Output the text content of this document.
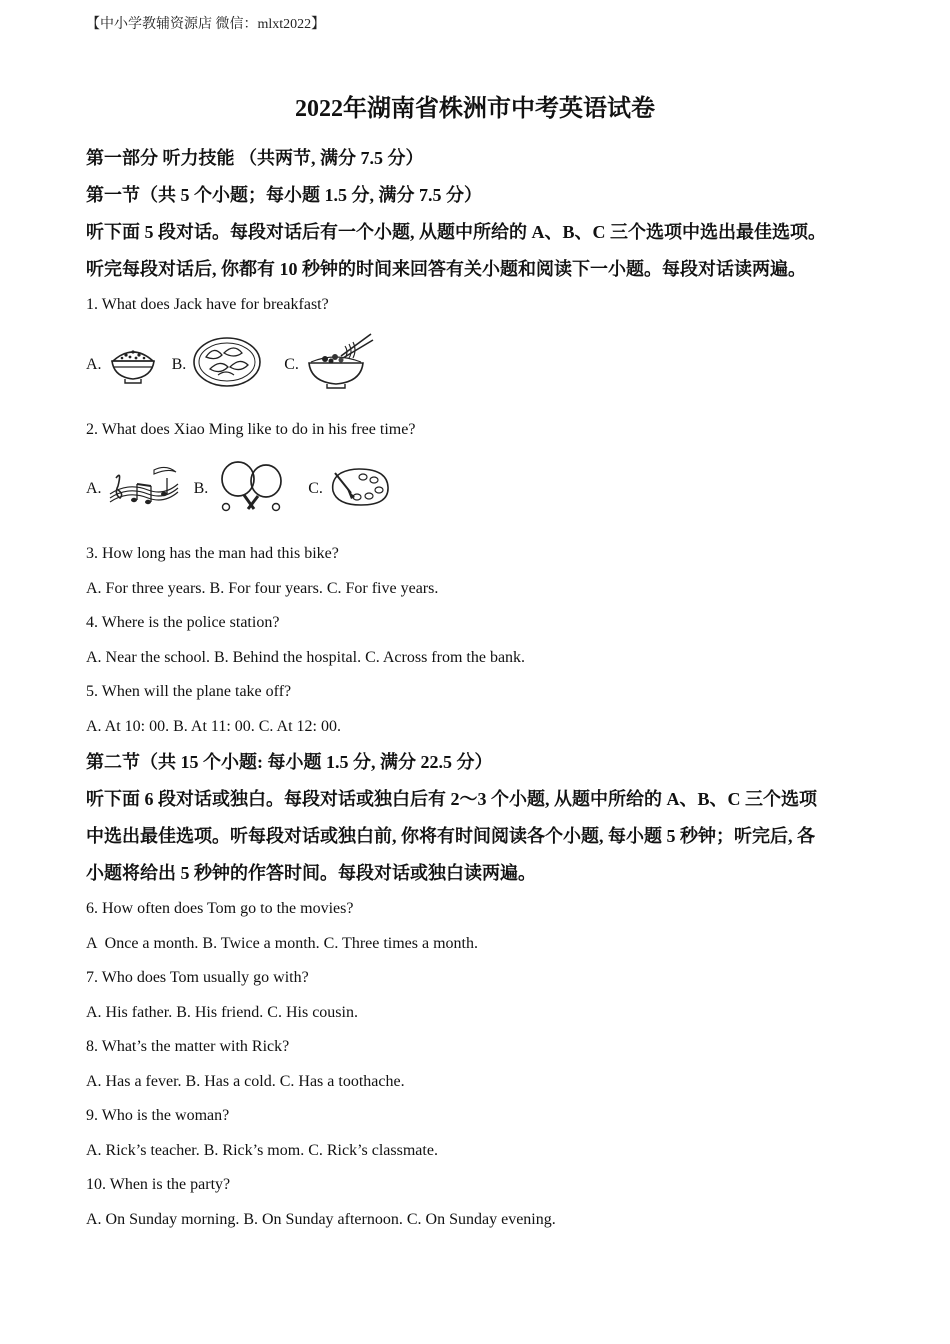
【中小学教辅资源店 微信：mlxt2022】
2022年湖南省株洲市中考英语试卷

第一部分 听力技能 （共两节, 满分 7.5 分）

第一节（共 5 个小题；每小题 1.5 分, 满分 7.5 分）

听下面 5 段对话。每段对话后有一个小题, 从题中所给的 A、B、C 三个选项中选出最佳选项。

听完每段对话后, 你都有 10 秒钟的时间来回答有关小题和阅读下一小题。每段对话读两遍。

1. What does Jack have for breakfast?

A.	B.	C.

2. What does Xiao Ming like to do in his free time?

A.	B.	C.

3. How long has the man had this bike?

A. For three years. B. For four years. C. For five years.

4. Where is the police station?

A. Near the school. B. Behind the hospital. C. Across from the bank.

5. When will the plane take off?

A. At 10: 00. B. At 11: 00. C. At 12: 00.

第二节（共 15 个小题: 每小题 1.5 分, 满分 22.5 分）

听下面 6 段对话或独白。每段对话或独白后有 2～3 个小题, 从题中所给的 A、B、C 三个选项

中选出最佳选项。听每段对话或独白前, 你将有时间阅读各个小题, 每小题 5 秒钟；听完后, 各

小题将给出 5 秒钟的作答时间。每段对话或独白读两遍。

6. How often does Tom go to the movies?

A  Once a month. B. Twice a month. C. Three times a month.

7. Who does Tom usually go with?

A. His father. B. His friend. C. His cousin.

8. What’s the matter with Rick?

A. Has a fever. B. Has a cold. C. Has a toothache.

9. Who is the woman?

A. Rick’s teacher. B. Rick’s mom. C. Rick’s classmate.

10. When is the party?

A. On Sunday morning. B. On Sunday afternoon. C. On Sunday evening.
